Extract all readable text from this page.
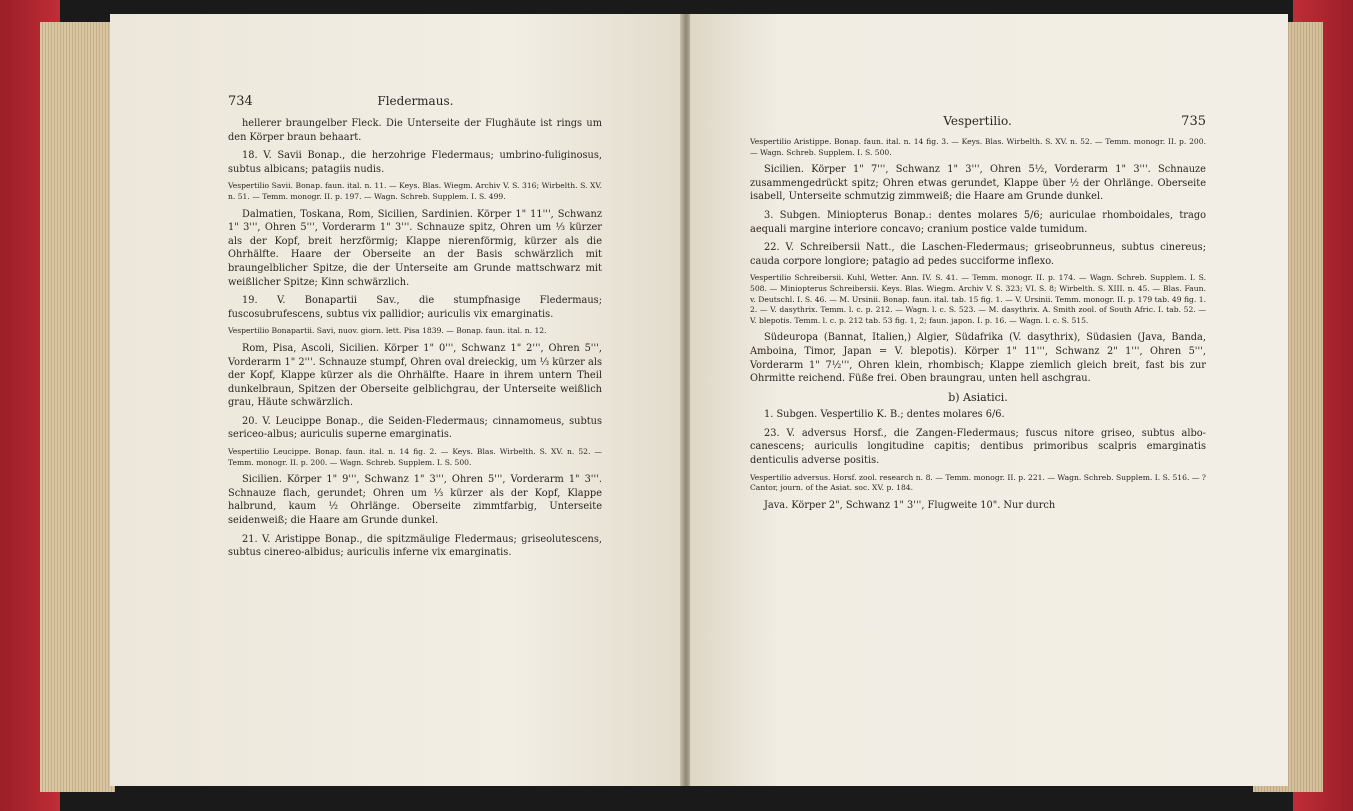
734	Fledermaus.

hellerer braungelber Fleck. Die Unterseite der Flughäute ist rings um den Körper braun behaart.

18. V. Savii Bonap., die herzohrige Fledermaus; umbrino-fuliginosus, subtus albicans; patagiis nudis.

Vespertilio Savii. Bonap. faun. ital. n. 11. — Keys. Blas. Wiegm. Archiv V. S. 316; Wirbelth. S. XV. n. 51. — Temm. monogr. II. p. 197. — Wagn. Schreb. Supplem. I. S. 499.

Dalmatien, Toskana, Rom, Sicilien, Sardinien. Körper 1" 11''', Schwanz 1" 3''', Ohren 5''', Vorderarm 1" 3'''. Schnauze spitz, Ohren um ⅓ kürzer als der Kopf, breit herzförmig; Klappe nierenförmig, kürzer als die Ohrhälfte. Haare der Oberseite an der Basis schwärzlich mit braungelblicher Spitze, die der Unterseite am Grunde mattschwarz mit weißlicher Spitze; Kinn schwärzlich.

19. V. Bonapartii Sav., die stumpfnasige Fledermaus; fuscosubrufescens, subtus vix pallidior; auriculis vix emarginatis.

Vespertilio Bonapartii. Savi, nuov. giorn. lett. Pisa 1839. — Bonap. faun. ital. n. 12.

Rom, Pisa, Ascoli, Sicilien. Körper 1" 0''', Schwanz 1" 2''', Ohren 5''', Vorderarm 1" 2'''. Schnauze stumpf, Ohren oval dreieckig, um ⅓ kürzer als der Kopf, Klappe kürzer als die Ohrhälfte. Haare in ihrem untern Theil dunkelbraun, Spitzen der Oberseite gelblichgrau, der Unterseite weißlich grau, Häute schwärzlich.

20. V. Leucippe Bonap., die Seiden-Fledermaus; cinnamomeus, subtus sericeo-albus; auriculis superne emarginatis.

Vespertilio Leucippe. Bonap. faun. ital. n. 14 fig. 2. — Keys. Blas. Wirbelth. S. XV. n. 52. — Temm. monogr. II. p. 200. — Wagn. Schreb. Supplem. I. S. 500.

Sicilien. Körper 1" 9''', Schwanz 1" 3''', Ohren 5''', Vorderarm 1" 3'''. Schnauze flach, gerundet; Ohren um ⅓ kürzer als der Kopf, Klappe halbrund, kaum ½ Ohrlänge. Oberseite zimmtfarbig, Unterseite seidenweiß; die Haare am Grunde dunkel.

21. V. Aristippe Bonap., die spitzmäulige Fledermaus; griseolutescens, subtus cinereo-albidus; auriculis inferne vix emarginatis.

Vespertilio.	735

Vespertilio Aristippe. Bonap. faun. ital. n. 14 fig. 3. — Keys. Blas. Wirbelth. S. XV. n. 52. — Temm. monogr. II. p. 200. — Wagn. Schreb. Supplem. I. S. 500.

Sicilien. Körper 1" 7''', Schwanz 1" 3''', Ohren 5½, Vorderarm 1" 3'''. Schnauze zusammengedrückt spitz; Ohren etwas gerundet, Klappe über ½ der Ohrlänge. Oberseite isabell, Unterseite schmutzig zimmweiß; die Haare am Grunde dunkel.

3. Subgen. Miniopterus Bonap.: dentes molares 5/6; auriculae rhomboidales, trago aequali margine interiore concavo; cranium postice valde tumidum.

22. V. Schreibersii Natt., die Laschen-Fledermaus; griseobrunneus, subtus cinereus; cauda corpore longiore; patagio ad pedes succiforme inflexo.

Vespertilio Schreibersii. Kuhl, Wetter. Ann. IV. S. 41. — Temm. monogr. II. p. 174. — Wagn. Schreb. Supplem. I. S. 508. — Miniopterus Schreibersii. Keys. Blas. Wiegm. Archiv V. S. 323; VI. S. 8; Wirbelth. S. XIII. n. 45. — Blas. Faun. v. Deutschl. I. S. 46. — M. Ursinii. Bonap. faun. ital. tab. 15 fig. 1. — V. Ursinii. Temm. monogr. II. p. 179 tab. 49 fig. 1. 2. — V. dasythrix. Temm. l. c. p. 212. — Wagn. l. c. S. 523. — M. dasythrix. A. Smith zool. of South Afric. I. tab. 52. — V. blepotis. Temm. l. c. p. 212 tab. 53 fig. 1, 2; faun. japon. I. p. 16. — Wagn. l. c. S. 515.

Südeuropa (Bannat, Italien,) Algier, Südafrika (V. dasythrix), Südasien (Java, Banda, Amboina, Timor, Japan = V. blepotis). Körper 1" 11''', Schwanz 2" 1''', Ohren 5''', Vorderarm 1" 7½''', Ohren klein, rhombisch; Klappe ziemlich gleich breit, fast bis zur Ohrmitte reichend. Füße frei. Oben braungrau, unten hell aschgrau.

b) Asiatici.

1. Subgen. Vespertilio K. B.; dentes molares 6/6.

23. V. adversus Horsf., die Zangen-Fledermaus; fuscus nitore griseo, subtus albo-canescens; auriculis longitudine capitis; dentibus primoribus scalpris emarginatis denticulis adverse positis.

Vespertilio adversus. Horsf. zool. research n. 8. — Temm. monogr. II. p. 221. — Wagn. Schreb. Supplem. I. S. 516. — ? Cantor, journ. of the Asiat. soc. XV. p. 184.

Java. Körper 2", Schwanz 1" 3''', Flugweite 10". Nur durch
